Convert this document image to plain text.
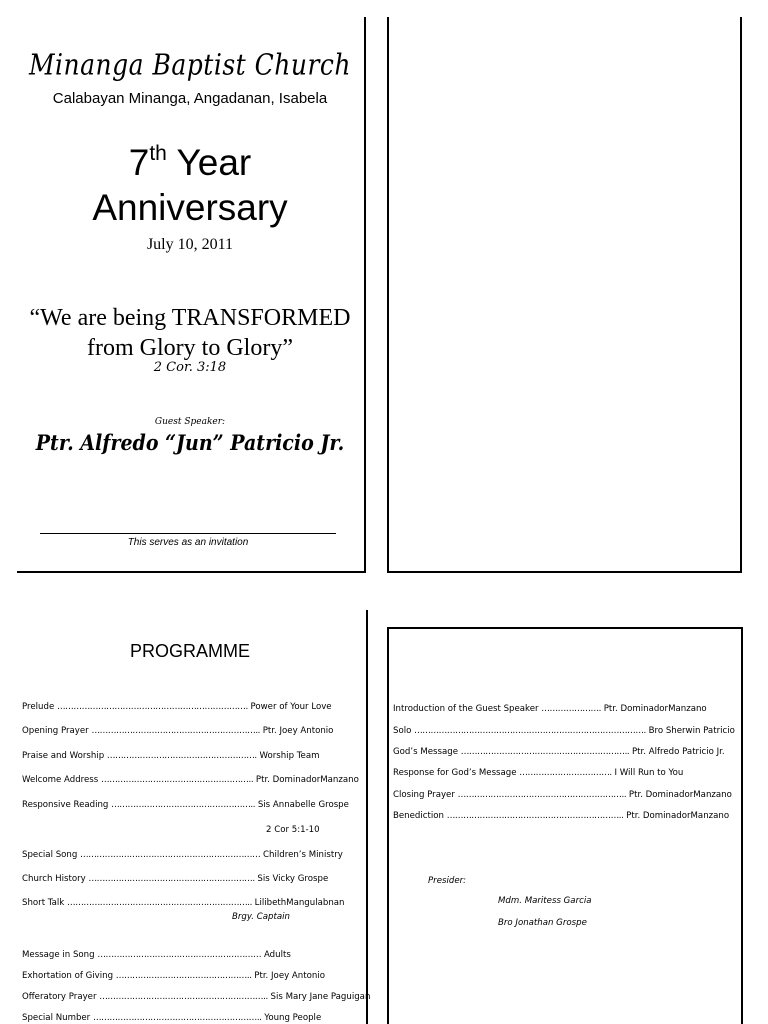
Minanga Baptist Church
Calabayan Minanga, Angadanan, Isabela
7th Year
Anniversary
July 10, 2011
“We are being TRANSFORMED
from Glory to Glory”
2 Cor. 3:18
Guest Speaker:
Ptr. Alfredo “Jun” Patricio Jr.
This serves as an invitation
PROGRAMME
Prelude ……………………………………………………………. Power of Your Love
Opening Prayer …………………………………………………….. Ptr. Joey Antonio
Praise and Worship ………………………………………………. Worship Team
Welcome Address ……………………………………………….. Ptr. DominadorManzano
Responsive Reading …………………………………………….. Sis Annabelle Grospe
2 Cor 5:1-10
Special Song ………………………………………………………… Children’s Ministry
Church History ……………………………………………………. Sis Vicky Grospe
Short Talk ………………………………………………………….. LilibethMangulabnan
Brgy. Captain
Message in Song …………………………………………………… Adults
Exhortation of Giving ………………………………………….. Ptr. Joey Antonio
Offeratory Prayer …………………………………………………….. Sis Mary Jane Paguigan
Special Number …………………………………………………….. Young People
Introduction of the Guest Speaker …………………. Ptr. DominadorManzano
Solo …………………………………………………………………………. Bro Sherwin Patricio
God’s Message …………………………………………………….. Ptr. Alfredo Patricio Jr.
Response for God’s Message ……………………………. I Will Run to You
Closing Prayer …………………………………………………….. Ptr. DominadorManzano
Benediction ……………………………………………………….. Ptr. DominadorManzano
Presider:
Mdm. Maritess Garcia
Bro Jonathan Grospe
